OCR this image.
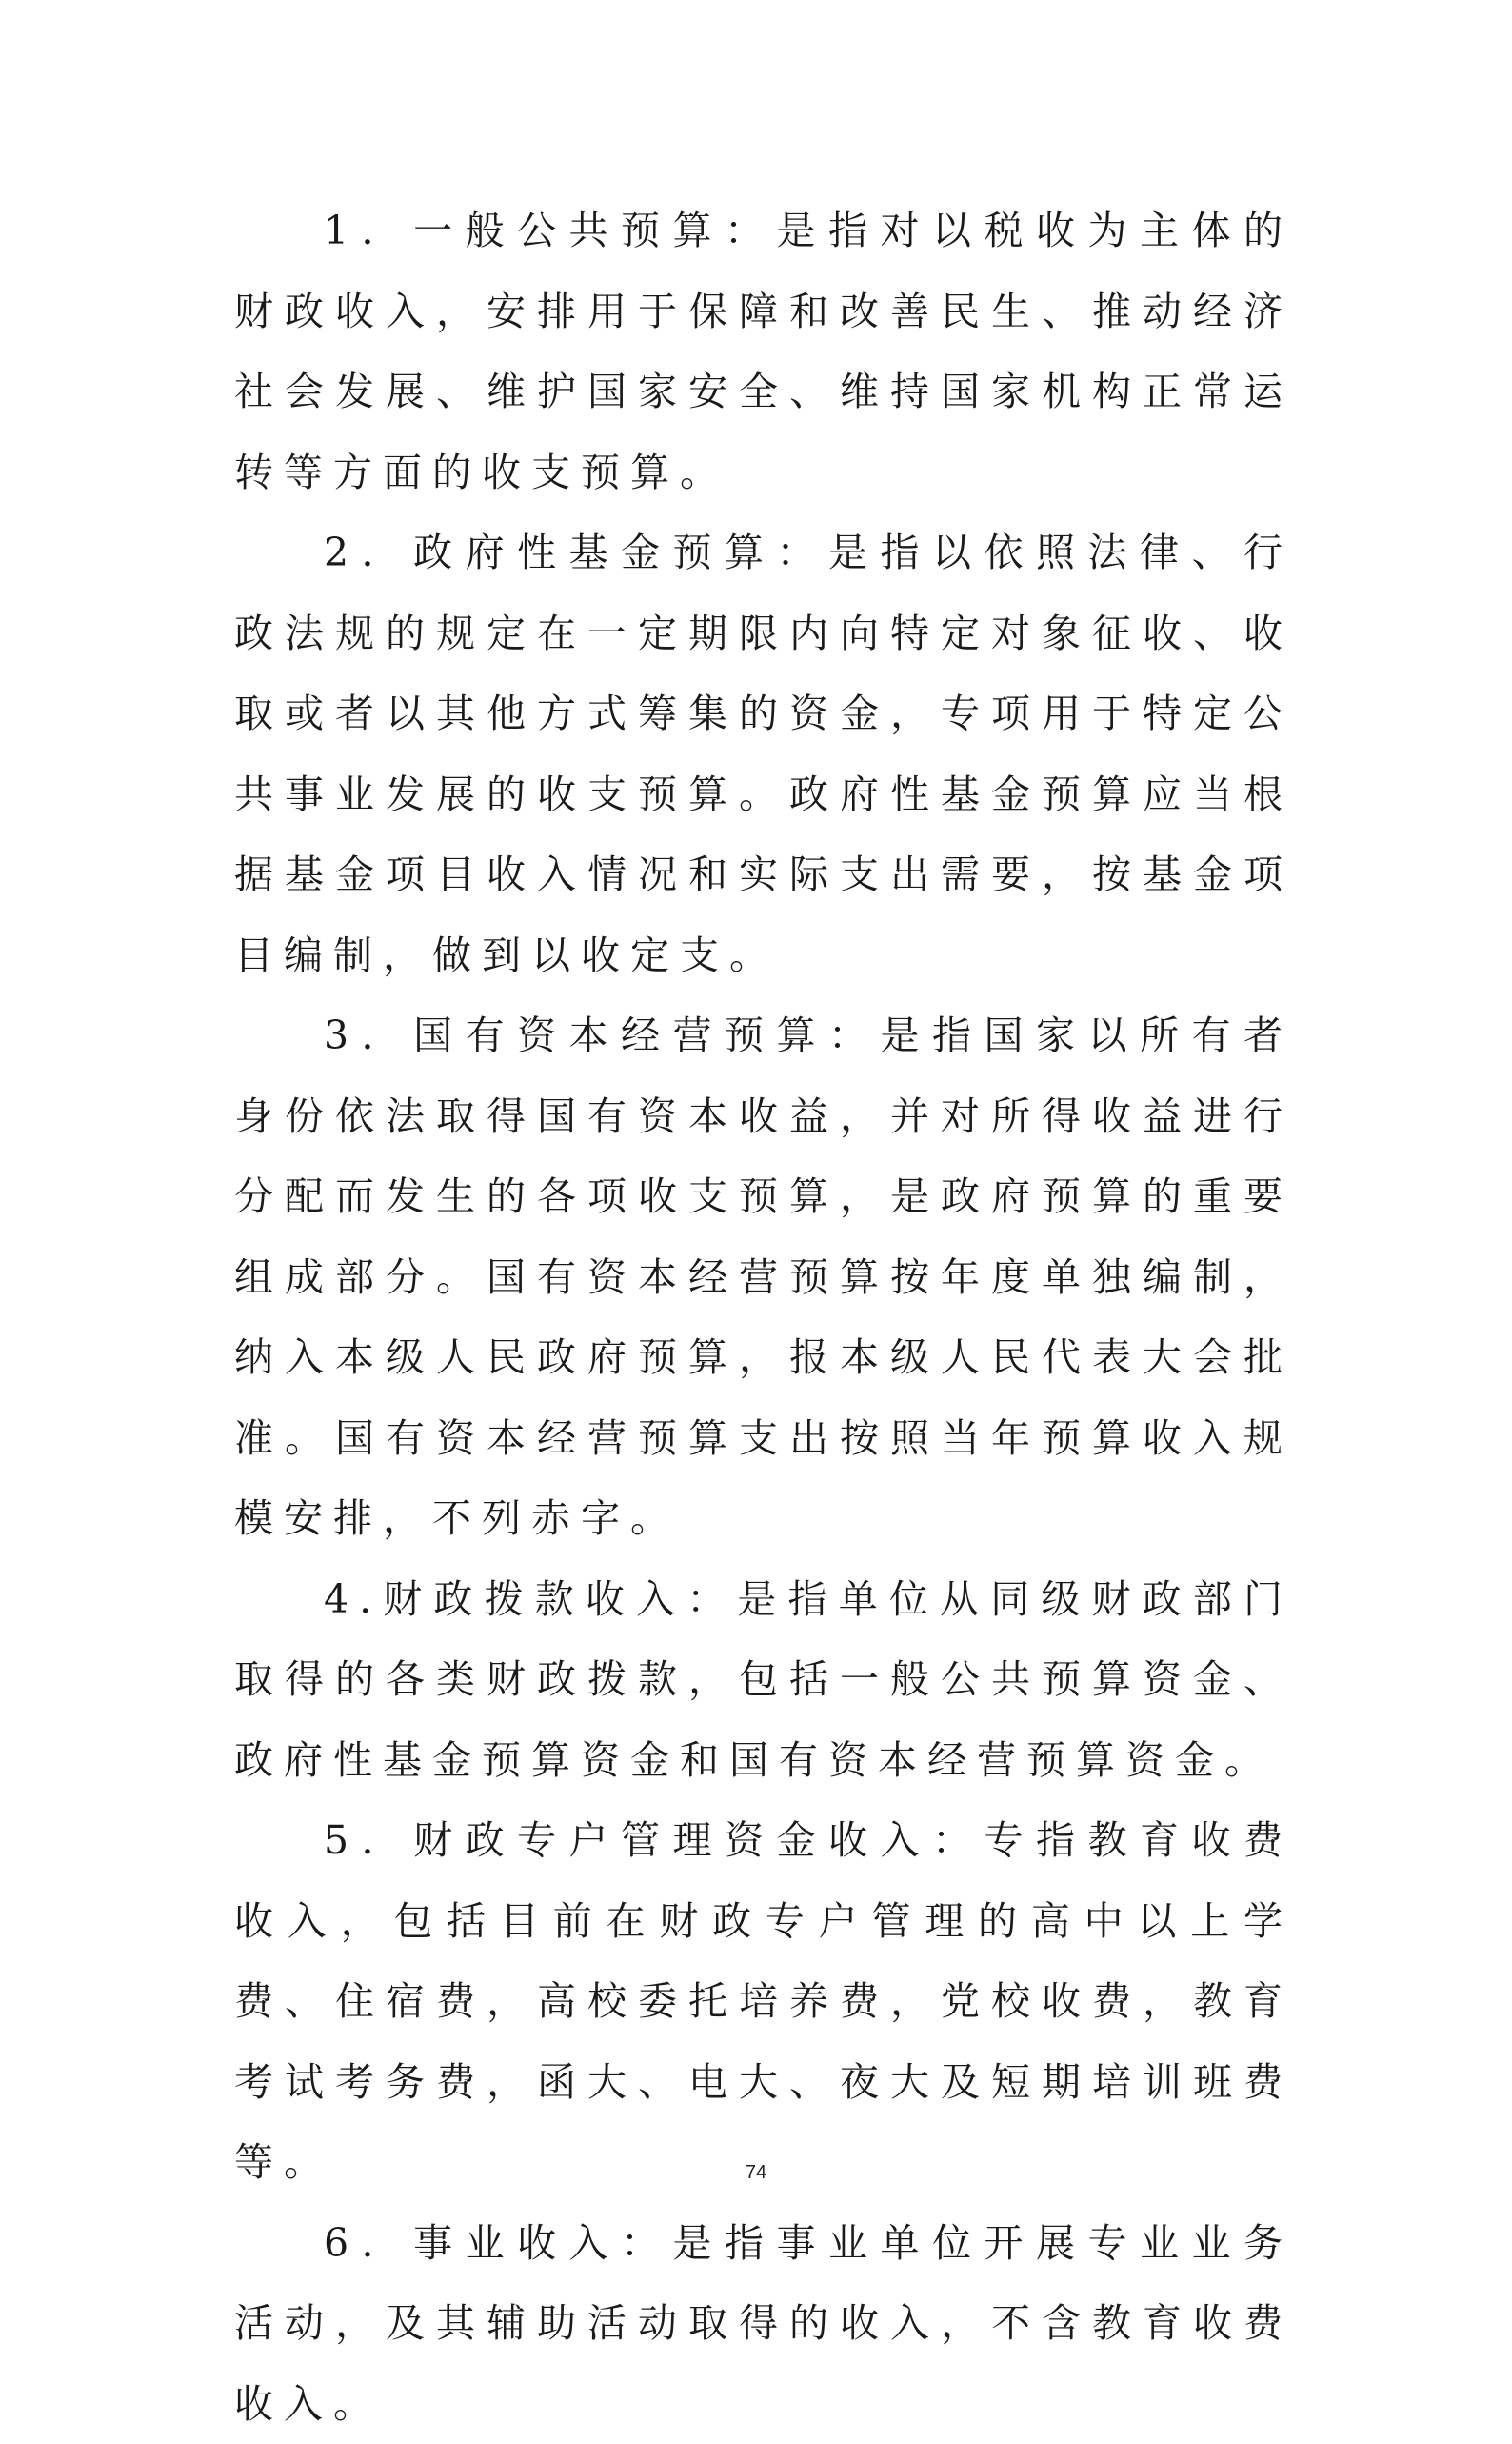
1．一般公共预算：是指对以税收为主体的财政收入，安排用于保障和改善民生、推动经济社会发展、维护国家安全、维持国家机构正常运转等方面的收支预算。

2．政府性基金预算：是指以依照法律、行政法规的规定在一定期限内向特定对象征收、收取或者以其他方式筹集的资金，专项用于特定公共事业发展的收支预算。政府性基金预算应当根据基金项目收入情况和实际支出需要，按基金项目编制，做到以收定支。

3．国有资本经营预算：是指国家以所有者身份依法取得国有资本收益，并对所得收益进行分配而发生的各项收支预算，是政府预算的重要组成部分。国有资本经营预算按年度单独编制，纳入本级人民政府预算，报本级人民代表大会批准。国有资本经营预算支出按照当年预算收入规模安排，不列赤字。

4.财政拨款收入：是指单位从同级财政部门取得的各类财政拨款，包括一般公共预算资金、政府性基金预算资金和国有资本经营预算资金。

5．财政专户管理资金收入：专指教育收费收入，包括目前在财政专户管理的高中以上学费、住宿费，高校委托培养费，党校收费，教育考试考务费，函大、电大、夜大及短期培训班费等。

6．事业收入：是指事业单位开展专业业务活动，及其辅助活动取得的收入，不含教育收费收入。

74
